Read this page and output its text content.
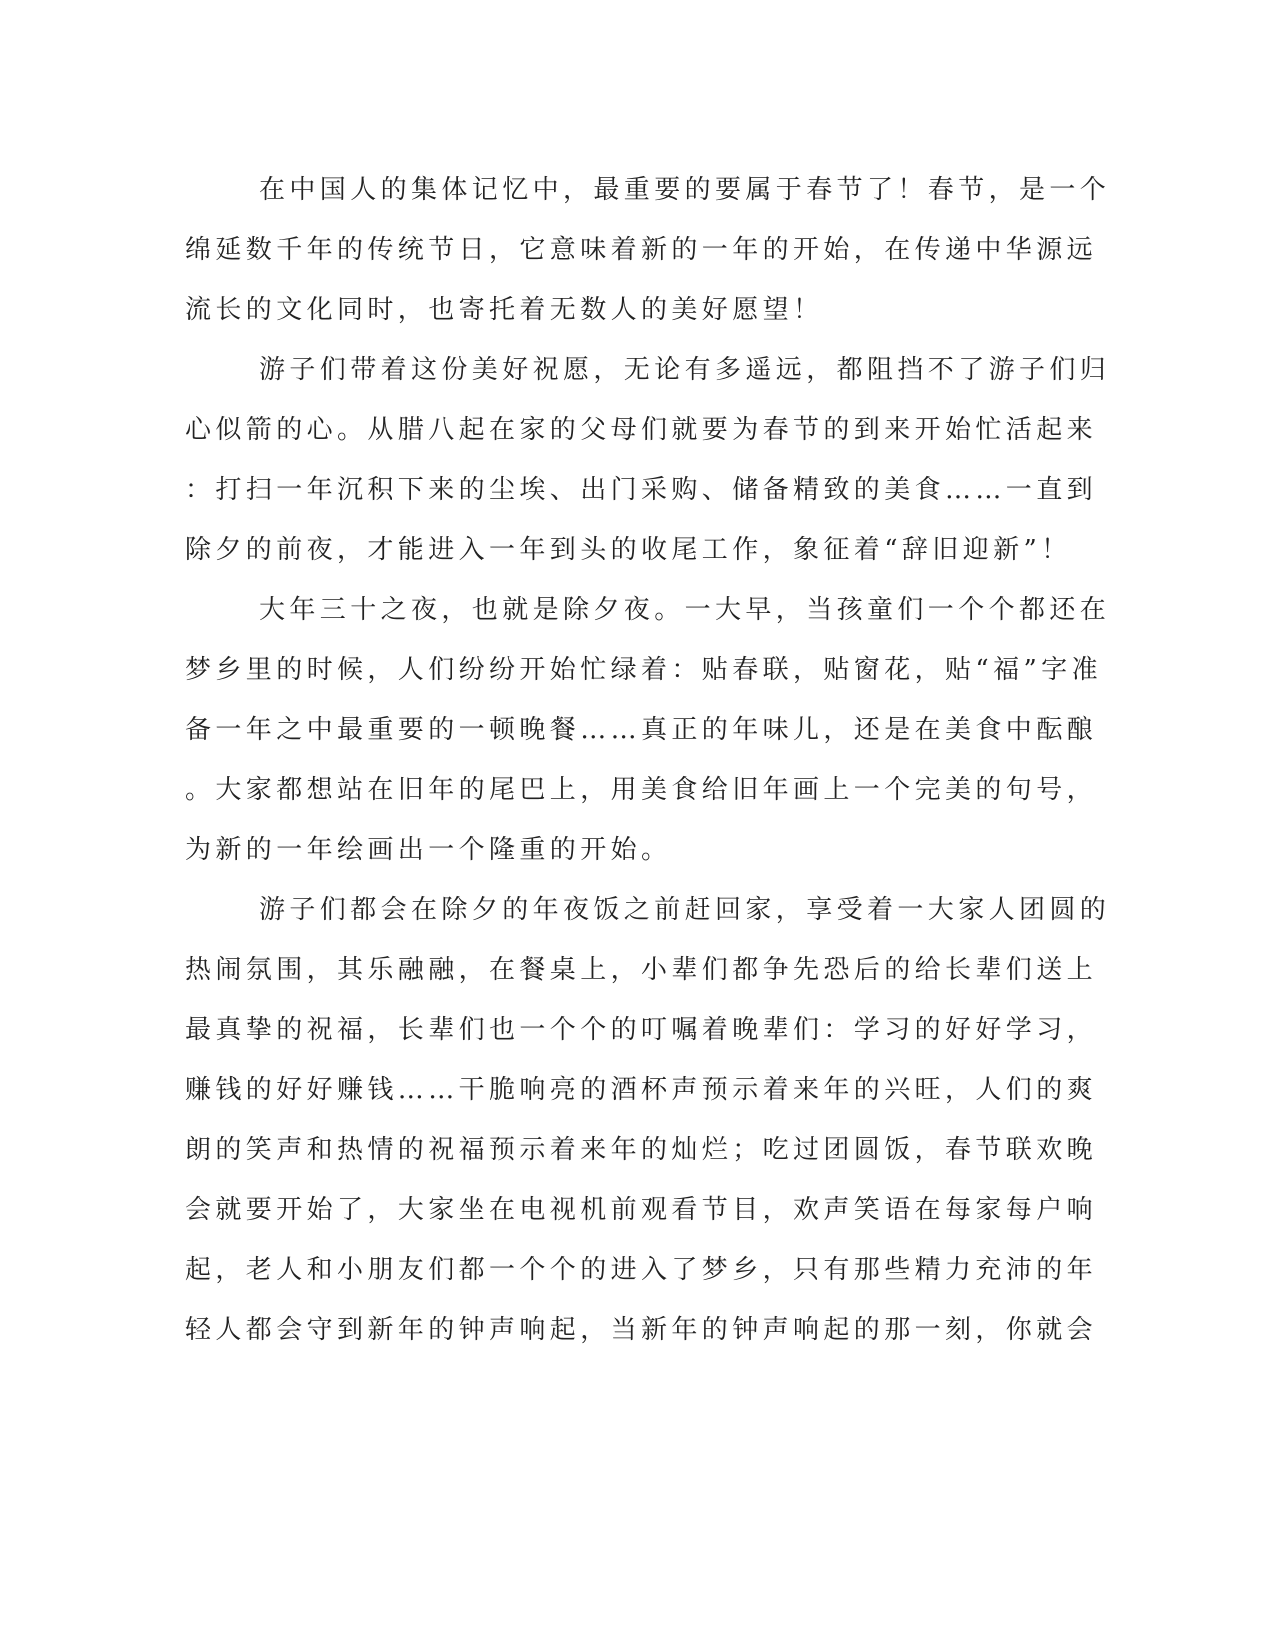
在中国人的集体记忆中，最重要的要属于春节了！春节，是一个
绵延数千年的传统节日，它意味着新的一年的开始，在传递中华源远
流长的文化同时，也寄托着无数人的美好愿望！
游子们带着这份美好祝愿，无论有多遥远，都阻挡不了游子们归
心似箭的心。从腊八起在家的父母们就要为春节的到来开始忙活起来
：打扫一年沉积下来的尘埃、出门采购、储备精致的美食……一直到
除夕的前夜，才能进入一年到头的收尾工作，象征着“辞旧迎新”！
大年三十之夜，也就是除夕夜。一大早，当孩童们一个个都还在
梦乡里的时候，人们纷纷开始忙绿着：贴春联，贴窗花，贴“福”字准
备一年之中最重要的一顿晚餐……真正的年味儿，还是在美食中酝酿
。大家都想站在旧年的尾巴上，用美食给旧年画上一个完美的句号，
为新的一年绘画出一个隆重的开始。
游子们都会在除夕的年夜饭之前赶回家，享受着一大家人团圆的
热闹氛围，其乐融融，在餐桌上，小辈们都争先恐后的给长辈们送上
最真挚的祝福，长辈们也一个个的叮嘱着晚辈们：学习的好好学习，
赚钱的好好赚钱……干脆响亮的酒杯声预示着来年的兴旺，人们的爽
朗的笑声和热情的祝福预示着来年的灿烂；吃过团圆饭，春节联欢晚
会就要开始了，大家坐在电视机前观看节目，欢声笑语在每家每户响
起，老人和小朋友们都一个个的进入了梦乡，只有那些精力充沛的年
轻人都会守到新年的钟声响起，当新年的钟声响起的那一刻，你就会
